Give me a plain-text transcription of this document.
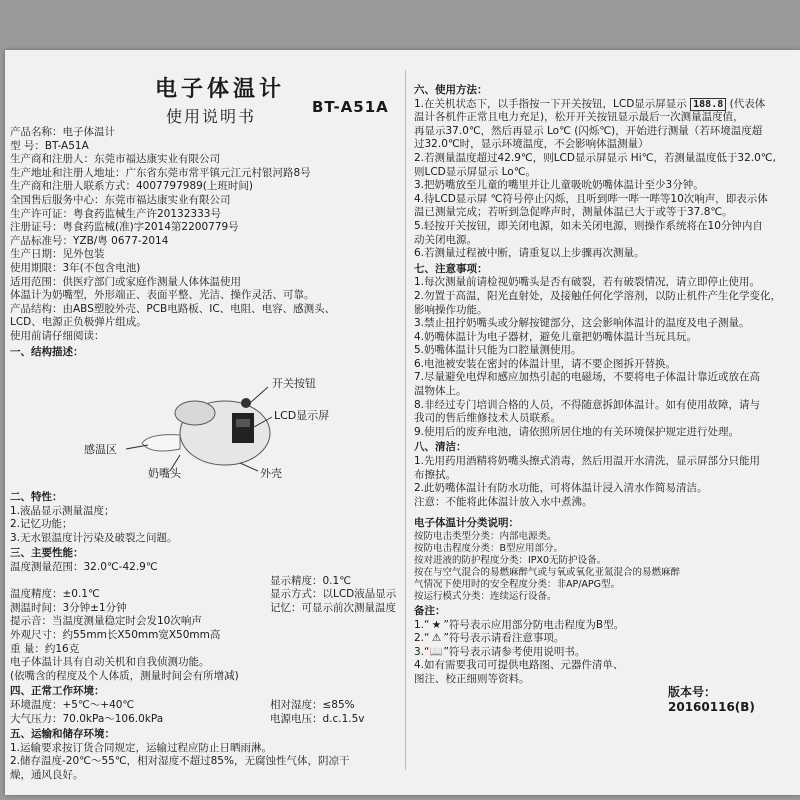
电子体温计
使用说明书	BT-A51A
产品名称：电子体温计
型 号：BT-A51A
生产商和注册人：东莞市福达康实业有限公司
生产地址和注册人地址：广东省东莞市常平镇元江元村银河路8号
生产商和注册人联系方式：4007797989(上班时间)
全国售后服务中心：东莞市福达康实业有限公司
生产许可证：粤食药监械生产许20132333号
注册证号：粤食药监械(准)字2014第2200779号
产品标准号：YZB/粤 0677-2014
生产日期：见外包装
使用期限：3年(不包含电池)
适用范围：供医疗部门或家庭作测量人体体温使用
体温计为奶嘴型，外形端正、表面平整、光洁、操作灵活、可靠。
产品结构：由ABS塑胶外壳、PCB电路板、IC、电阻、电容、感测头、
LCD、电源正负极弹片组成。
使用前请仔细阅读：
一、结构描述：
开关按钮
LCD显示屏
感温区
奶嘴头	外壳
二、特性：
1.液晶显示测量温度；
2.记忆功能；
3.无水银温度计污染及破裂之问题。
三、主要性能：
温度测量范围：32.0℃-42.9℃
显示精度：0.1℃
温度精度：±0.1℃	显示方式：以LCD液晶显示
测温时间：3分钟±1分钟	记忆：可显示前次测量温度
提示音：当温度测量稳定时会发10次响声
外观尺寸：约55mm长X50mm宽X50mm高
重 量：约16克
电子体温计具有自动关机和自我侦测功能。
(依嘴含的程度及个人体质，测量时间会有所增减)
四、正常工作环境：
环境温度：+5℃～+40℃	相对湿度：≤85%
大气压力：70.0kPa～106.0kPa	电源电压：d.c.1.5v
五、运输和储存环境：
1.运输要求按订货合同规定，运输过程应防止日晒雨淋。
2.储存温度-20℃～55℃，相对湿度不超过85%，无腐蚀性气体，阴凉干
燥，通风良好。
六、使用方法：
1.在关机状态下，以手指按一下开关按钮，LCD显示屏显示 188.8 (代表体
温计各机件正常且电力充足)，松开开关按钮显示最后一次测量温度值，
再显示37.0℃，然后再显示 Lo℃ (闪烁℃)，开始进行测量（若环境温度超
过32.0℃时，显示环境温度，不会影响体温测量）
2.若测量温度超过42.9℃，则LCD显示屏显示 Hi℃，若测量温度低于32.0℃,
则LCD显示屏显示 Lo℃。
3.把奶嘴放至儿童的嘴里并让儿童吸吮奶嘴体温计至少3分钟。
4.待LCD显示屏 ℃符号停止闪烁，且听到哔一哔一哔等10次响声，即表示体
温已测量完成；若听到急促哗声时，测量体温已大于或等于37.8℃。
5.轻按开关按钮，即关闭电源，如未关闭电源，则操作系统将在10分钟内自
动关闭电源。
6.若测量过程被中断，请重复以上步骤再次测量。
七、注意事项：
1.每次测量前请检视奶嘴头是否有破裂，若有破裂情况，请立即停止使用。
2.勿置于高温，阳光直射处，及接触任何化学溶剂，以防止机件产生化学变化，
影响操作功能。
3.禁止扭拧奶嘴头或分解按键部分，这会影响体温计的温度及电子测量。
4.奶嘴体温计为电子器材，避免儿童把奶嘴体温计当玩具玩。
5.奶嘴体温计只能为口腔量测使用。
6.电池被安装在密封的体温计里，请不要企图拆开替换。
7.尽量避免电焊和感应加热引起的电磁场，不要将电子体温计靠近或放在高
温物体上。
8.非经过专门培训合格的人员，不得随意拆卸体温计。如有使用故障，请与
我司的售后维修技术人员联系。
9.使用后的废弃电池，请依照所居住地的有关环境保护规定进行处理。
八、清洁：
1.先用药用酒精将奶嘴头擦式消毒，然后用温开水清洗，显示屏部分只能用
布擦拭。
2.此奶嘴体温计有防水功能，可将体温计浸入清水作简易清洁。
注意：不能将此体温计放入水中煮沸。
电子体温计分类说明：
按防电击类型分类：内部电源类。
按防电击程度分类：B型应用部分。
按对进液的防护程度分类：IPX0无防护设备。
按在与空气混合的易燃麻醉气或与氧或氧化亚氮混合的易燃麻醉
气情况下使用时的安全程度分类：非AP/APG型。
按运行模式分类：连续运行设备。
备注：
1.“ ★ ”符号表示应用部分防电击程度为B型。
2.“ ⚠ ”符号表示请看注意事项。
3.“📖”符号表示请参考使用说明书。
4.如有需要我司可提供电路图、元器件清单、
图注、校正细则等资料。
版本号：20160116(B)
